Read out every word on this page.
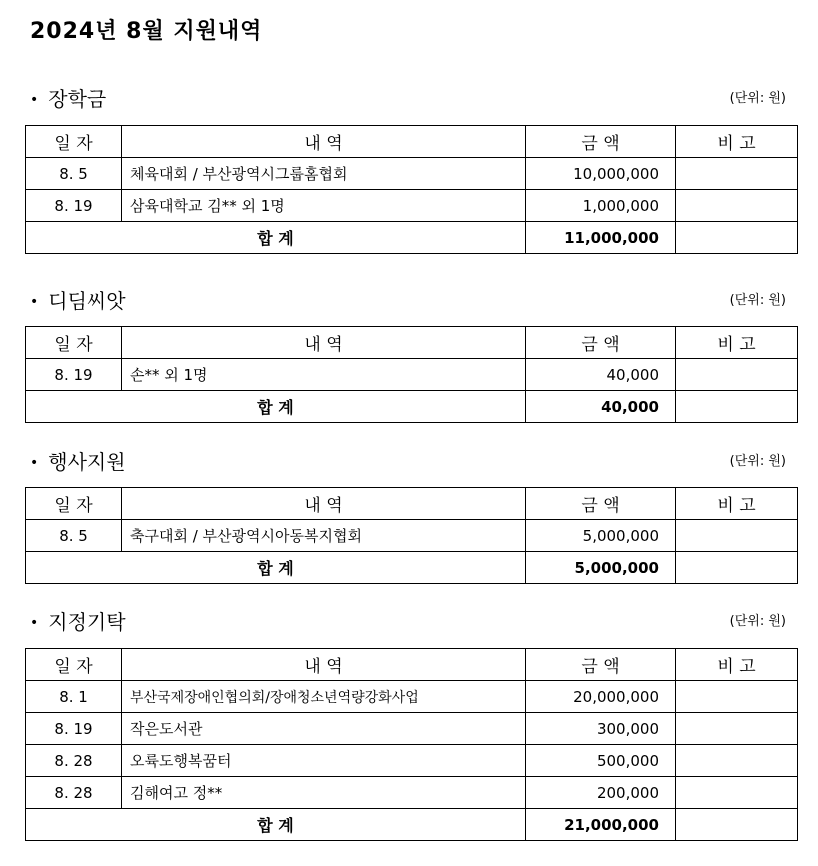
2024년 8월 지원내역
• 장학금	(단위: 원)
일 자	내 역	금 액	비 고
8. 5	체육대회 / 부산광역시그룹홈협회	10,000,000	
8. 19	삼육대학교 김** 외 1명	1,000,000	
합 계		11,000,000	
• 디딤씨앗	(단위: 원)
일 자	내 역	금 액	비 고
8. 19	손** 외 1명	40,000	
합 계		40,000	
• 행사지원	(단위: 원)
일 자	내 역	금 액	비 고
8. 5	축구대회 / 부산광역시아동복지협회	5,000,000	
합 계		5,000,000	
• 지정기탁	(단위: 원)
일 자	내 역	금 액	비 고
8. 1	부산국제장애인협의회/장애청소년역량강화사업	20,000,000	
8. 19	작은도서관	300,000	
8. 28	오륙도행복꿈터	500,000	
8. 28	김해여고 정**	200,000	
합 계		21,000,000	
